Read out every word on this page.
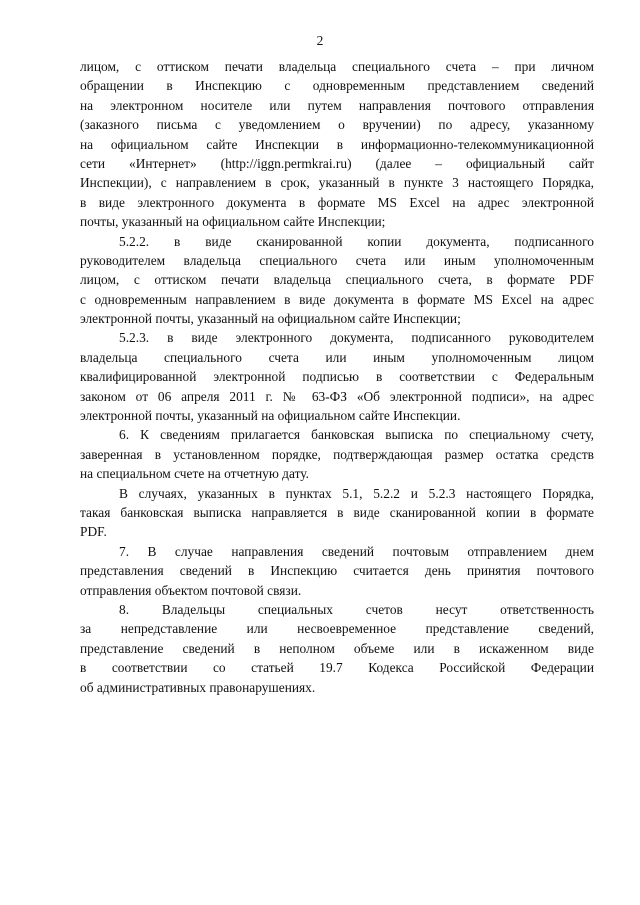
2
лицом, с оттиском печати владельца специального счета – при личном
обращении в Инспекцию с одновременным представлением сведений
на электронном носителе или путем направления почтового отправления
(заказного письма с уведомлением о вручении) по адресу, указанному
на официальном сайте Инспекции в информационно-телекоммуникационной
сети «Интернет» (http://iggn.permkrai.ru) (далее – официальный сайт
Инспекции), с направлением в срок, указанный в пункте 3 настоящего Порядка,
в виде электронного документа в формате MS Excel на адрес электронной
почты, указанный на официальном сайте Инспекции;
5.2.2. в виде сканированной копии документа, подписанного
руководителем владельца специального счета или иным уполномоченным
лицом, с оттиском печати владельца специального счета, в формате PDF
с одновременным направлением в виде документа в формате MS Excel на адрес
электронной почты, указанный на официальном сайте Инспекции;
5.2.3. в виде электронного документа, подписанного руководителем
владельца специального счета или иным уполномоченным лицом
квалифицированной электронной подписью в соответствии с Федеральным
законом от 06 апреля 2011 г. № 63-ФЗ «Об электронной подписи», на адрес
электронной почты, указанный на официальном сайте Инспекции.
6. К сведениям прилагается банковская выписка по специальному счету,
заверенная в установленном порядке, подтверждающая размер остатка средств
на специальном счете на отчетную дату.
В случаях, указанных в пунктах 5.1, 5.2.2 и 5.2.3 настоящего Порядка,
такая банковская выписка направляется в виде сканированной копии в формате
PDF.
7. В случае направления сведений почтовым отправлением днем
представления сведений в Инспекцию считается день принятия почтового
отправления объектом почтовой связи.
8. Владельцы специальных счетов несут ответственность
за непредставление или несвоевременное представление сведений,
представление сведений в неполном объеме или в искаженном виде
в соответствии со статьей 19.7 Кодекса Российской Федерации
об административных правонарушениях.
